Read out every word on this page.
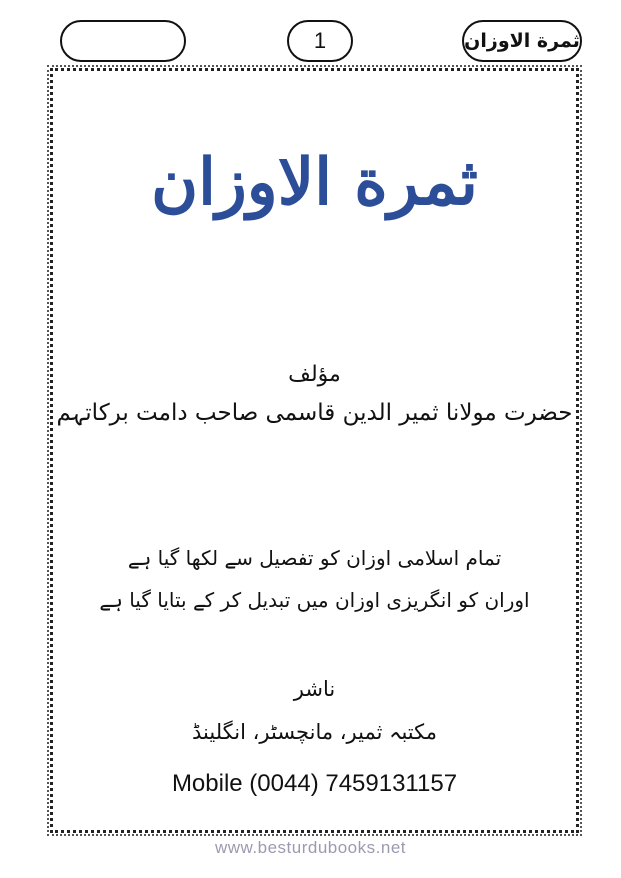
1	ثمرة الاوزان
ثمرة الاوزان
مؤلف
حضرت مولانا ثمیر الدین قاسمی صاحب دامت برکاتہم
تمام اسلامی اوزان کو تفصیل سے لکھا گیا ہے
اوران کو انگریزی اوزان میں تبدیل کر کے بتایا گیا ہے
ناشر
مکتبہ ثمیر، مانچسٹر، انگلینڈ
Mobile (0044) 7459131157
www.besturdubooks.net
